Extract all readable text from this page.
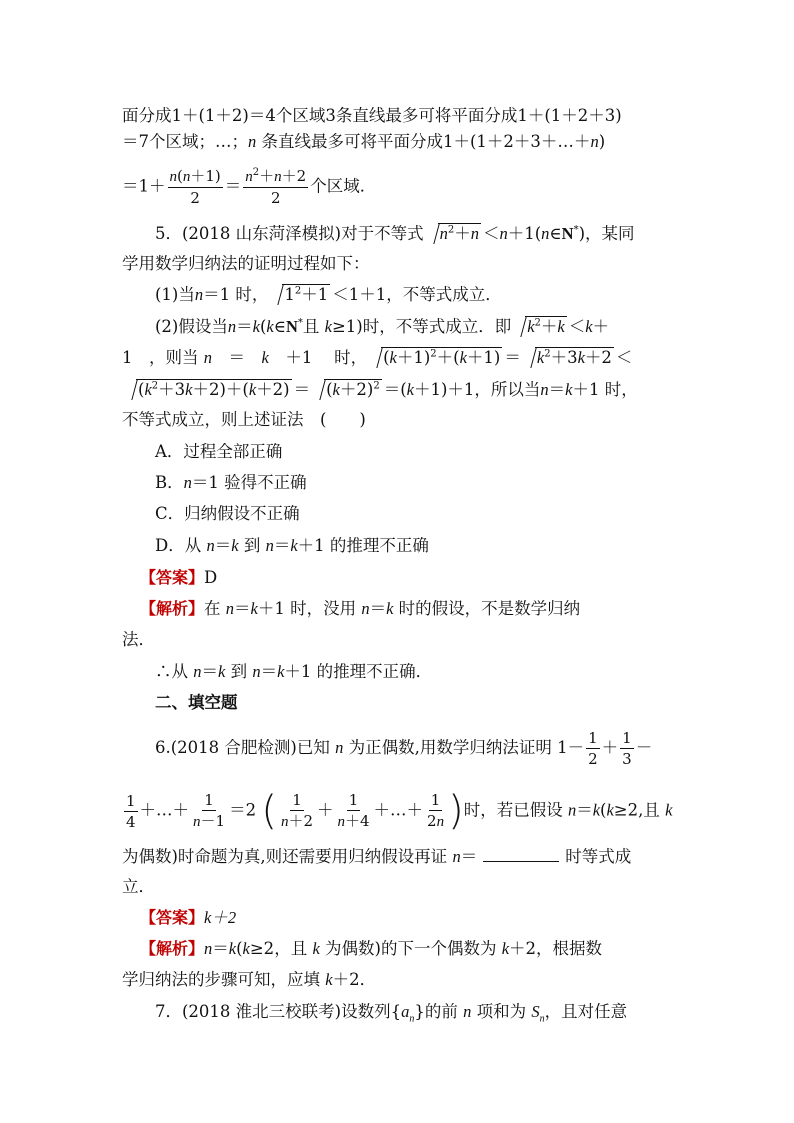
面分成1＋(1＋2)＝4个区域3条直线最多可将平面分成1＋(1＋2＋3)
＝7个区域；…；n 条直线最多可将平面分成1＋(1＋2＋3＋…＋n)
$=1+ \frac{n(n+1)}{2} = \frac{n^2+n+2}{2}$ 个区域．
5．(2018 山东菏泽模拟)对于不等式 $n^2+n$ ＜n＋1(n∈N*)，某同
学用数学归纳法的证明过程如下：
(1)当n＝1 时， $1^2+1 <1+1$，不等式成立．
(2)假设当n＝k(k∈N*且 k≥1)时，不等式成立．即 $k^2+k <k+$
1　，则当 n　＝　k　＋1　 时， $(k+1)^2+(k+1) = k^2+3k+2$ ＜
$(k^2+3k+2)+(k+2) = (k+2)^2 =(k+1)+1$，所以当n＝k＋1 时，
不等式成立，则上述证法　(　　)
A．过程全部正确
B．n＝1 验得不正确
C．归纳假设不正确
D．从 n＝k 到 n＝k＋1 的推理不正确
【答案】D
【解析】在 n＝k＋1 时，没用 n＝k 时的假设，不是数学归纳
法．
∴从 n＝k 到 n＝k＋1 的推理不正确．
二、填空题
6.(2018 合肥检测)已知 n 为正偶数,用数学归纳法证明 $1- \frac{1}{2} + \frac{1}{3}$ －
$\frac{1}{4}$ ＋…＋ $\frac{1}{n-1} =2$ ( $\frac{1}{n+2} + \frac{1}{n+4}$ ＋…＋ $\frac{1}{2n}$ )时，若已假设 n＝k(k≥2,且 k
为偶数)时命题为真,则还需要用归纳假设再证 n＝	时等式成
立．
【答案】k＋2
【解析】n＝k(k≥2，且 k 为偶数)的下一个偶数为 k＋2，根据数
学归纳法的步骤可知，应填 k＋2．
7．(2018 淮北三校联考)设数列$\{a_n\}$的前 n 项和为 $S_n$，且对任意
